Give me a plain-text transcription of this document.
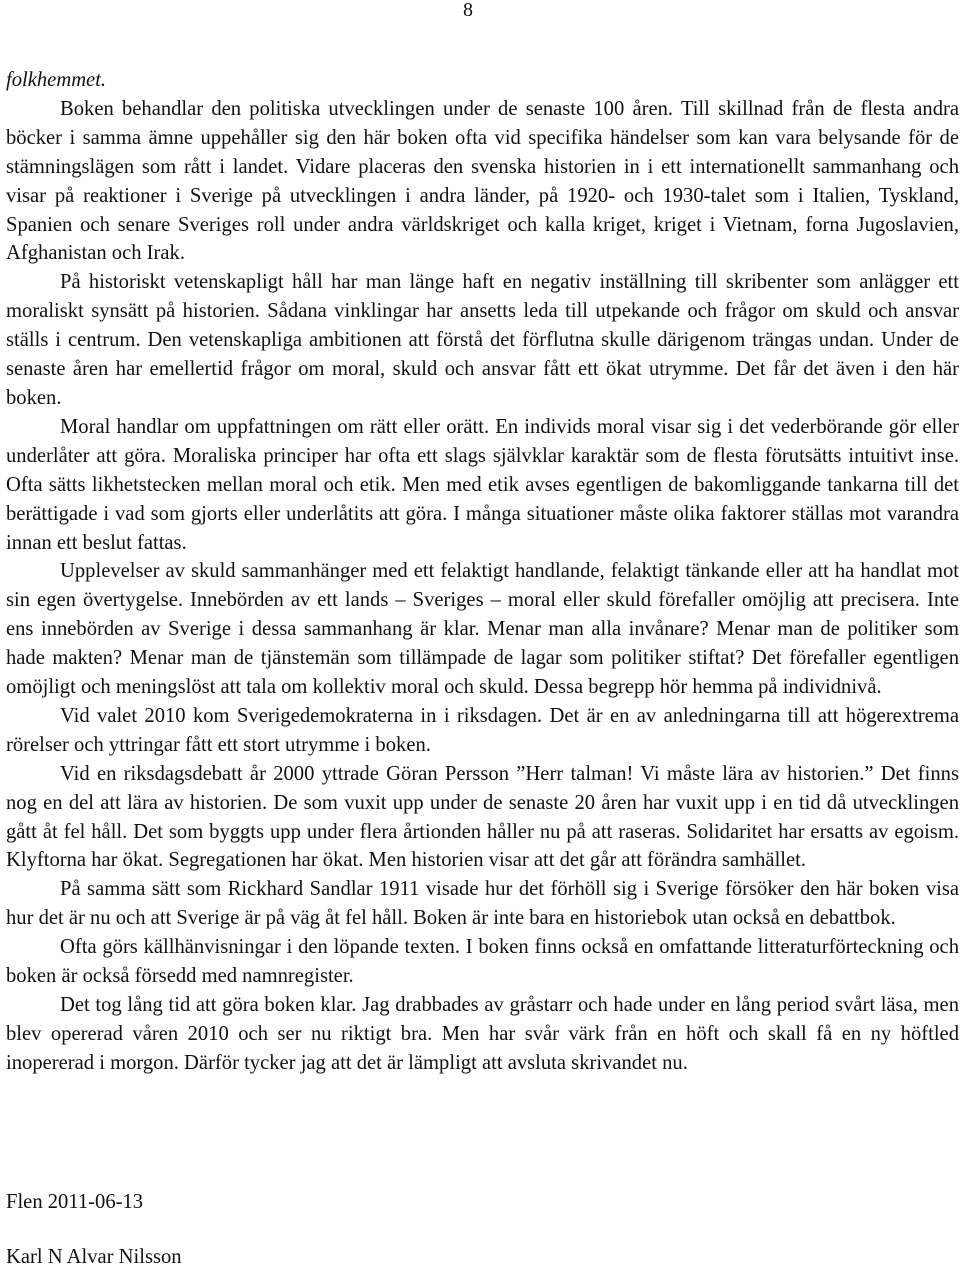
8

folkhemmet.

Boken behandlar den politiska utvecklingen under de senaste 100 åren. Till skillnad från de flesta andra böcker i samma ämne uppehåller sig den här boken ofta vid specifika händelser som kan vara belysande för de stämningslägen som rått i landet. Vidare placeras den svenska historien in i ett internationellt sammanhang och visar på reaktioner i Sverige på utvecklingen i andra länder, på 1920- och 1930-talet som i Italien, Tyskland, Spanien och senare Sveriges roll under andra världskriget och kalla kriget, kriget i Vietnam, forna Jugoslavien, Afghanistan och Irak.

På historiskt vetenskapligt håll har man länge haft en negativ inställning till skribenter som anlägger ett moraliskt synsätt på historien. Sådana vinklingar har ansetts leda till utpekande och frågor om skuld och ansvar ställs i centrum. Den vetenskapliga ambitionen att förstå det förflutna skulle därigenom trängas undan. Under de senaste åren har emellertid frågor om moral, skuld och ansvar fått ett ökat utrymme. Det får det även i den här boken.

Moral handlar om uppfattningen om rätt eller orätt. En individs moral visar sig i det vederbörande gör eller underlåter att göra. Moraliska principer har ofta ett slags självklar karaktär som de flesta förutsätts intuitivt inse. Ofta sätts likhetstecken mellan moral och etik. Men med etik avses egentligen de bakomliggande tankarna till det berättigade i vad som gjorts eller underlåtits att göra. I många situationer måste olika faktorer ställas mot varandra innan ett beslut fattas.

Upplevelser av skuld sammanhänger med ett felaktigt handlande, felaktigt tänkande eller att ha handlat mot sin egen övertygelse. Innebörden av ett lands – Sveriges – moral eller skuld förefaller omöjlig att precisera. Inte ens innebörden av Sverige i dessa sammanhang är klar. Menar man alla invånare? Menar man de politiker som hade makten? Menar man de tjänstemän som tillämpade de lagar som politiker stiftat? Det förefaller egentligen omöjligt och meningslöst att tala om kollektiv moral och skuld. Dessa begrepp hör hemma på individnivå.

Vid valet 2010 kom Sverigedemokraterna in i riksdagen. Det är en av anledningarna till att högerextrema rörelser och yttringar fått ett stort utrymme i boken.

Vid en riksdagsdebatt år 2000 yttrade Göran Persson ”Herr talman! Vi måste lära av historien.” Det finns nog en del att lära av historien. De som vuxit upp under de senaste 20 åren har vuxit upp i en tid då utvecklingen gått åt fel håll. Det som byggts upp under flera årtionden håller nu på att raseras. Solidaritet har ersatts av egoism. Klyftorna har ökat. Segregationen har ökat. Men historien visar att det går att förändra samhället.

På samma sätt som Rickhard Sandlar 1911 visade hur det förhöll sig i Sverige försöker den här boken visa hur det är nu och att Sverige är på väg åt fel håll. Boken är inte bara en historiebok utan också en debattbok.

Ofta görs källhänvisningar i den löpande texten. I boken finns också en omfattande litteraturförteckning och boken är också försedd med namnregister.

Det tog lång tid att göra boken klar. Jag drabbades av gråstarr och hade under en lång period svårt läsa, men blev opererad våren 2010 och ser nu riktigt bra. Men har svår värk från en höft och skall få en ny höftled inopererad i morgon. Därför tycker jag att det är lämpligt att avsluta skrivandet nu.

Flen 2011-06-13
Karl N Alvar Nilsson
